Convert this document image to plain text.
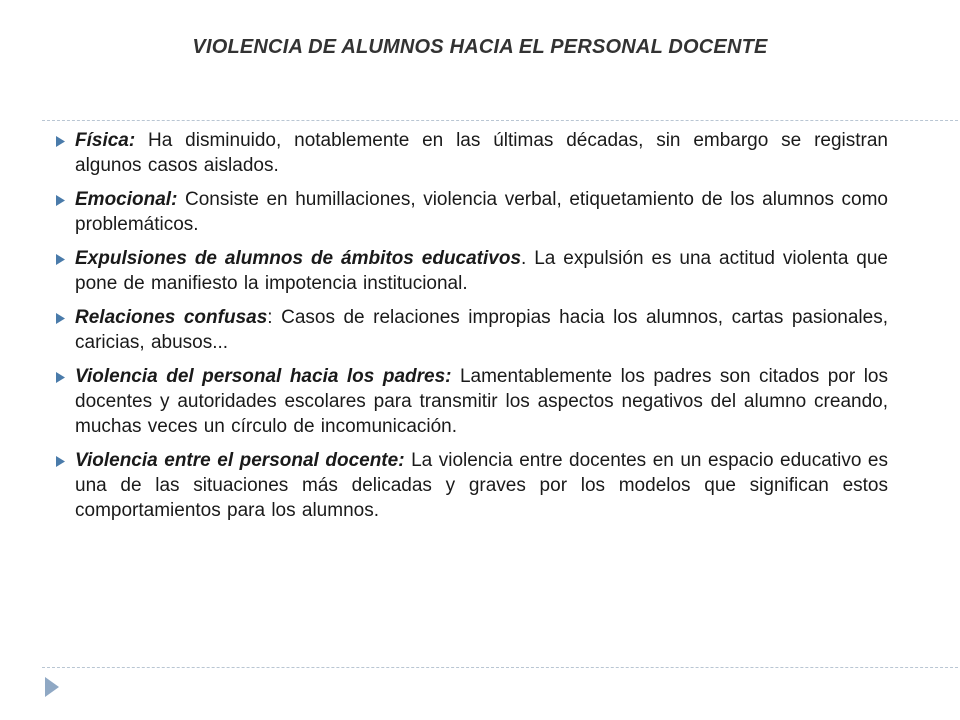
VIOLENCIA DE ALUMNOS HACIA EL PERSONAL DOCENTE
Física: Ha disminuido, notablemente en las últimas décadas, sin embargo se registran algunos casos aislados.
Emocional: Consiste en humillaciones, violencia verbal, etiquetamiento de los alumnos como problemáticos.
Expulsiones de alumnos de ámbitos educativos. La expulsión es una actitud violenta que pone de manifiesto la impotencia institucional.
Relaciones confusas: Casos de relaciones impropias hacia los alumnos, cartas pasionales, caricias, abusos...
Violencia del personal hacia los padres: Lamentablemente los padres son citados por los docentes y autoridades escolares para transmitir los aspectos negativos del alumno creando, muchas veces un círculo de incomunicación.
Violencia entre el personal docente: La violencia entre docentes en un espacio educativo es una de las situaciones más delicadas y graves por los modelos que significan estos comportamientos para los alumnos.
